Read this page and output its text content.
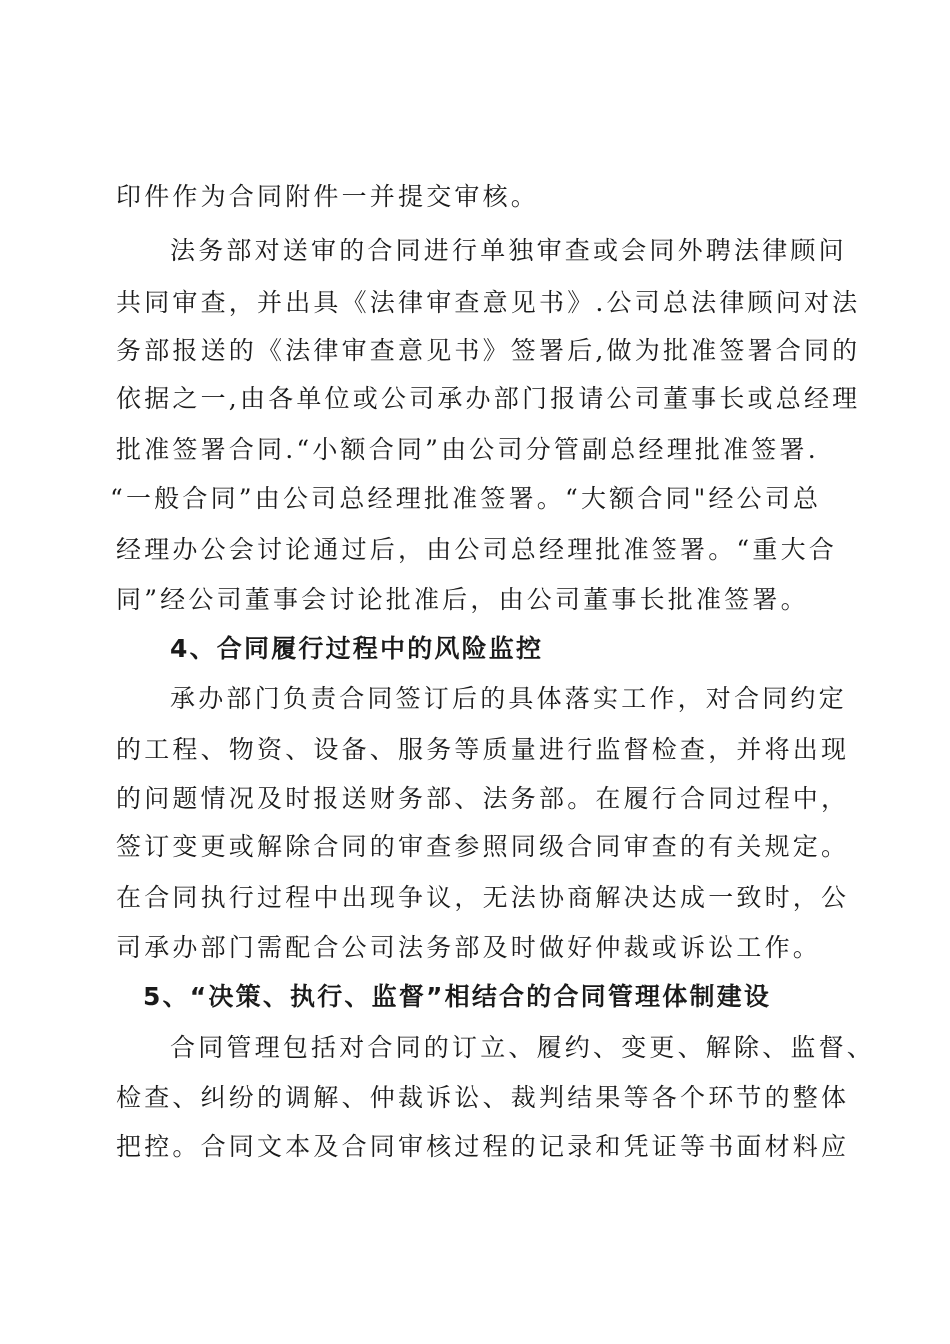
印件作为合同附件一并提交审核。
法务部对送审的合同进行单独审查或会同外聘法律顾问
共同审查，并出具《法律审查意见书》.公司总法律顾问对法
务部报送的《法律审查意见书》签署后,做为批准签署合同的
依据之一,由各单位或公司承办部门报请公司董事长或总经理
批准签署合同.“小额合同”由公司分管副总经理批准签署.
“一般合同”由公司总经理批准签署。“大额合同"经公司总
经理办公会讨论通过后，由公司总经理批准签署。“重大合
同”经公司董事会讨论批准后，由公司董事长批准签署。
4、合同履行过程中的风险监控
承办部门负责合同签订后的具体落实工作，对合同约定
的工程、物资、设备、服务等质量进行监督检查，并将出现
的问题情况及时报送财务部、法务部。在履行合同过程中，
签订变更或解除合同的审查参照同级合同审查的有关规定。
在合同执行过程中出现争议，无法协商解决达成一致时，公
司承办部门需配合公司法务部及时做好仲裁或诉讼工作。
5、“决策、执行、监督”相结合的合同管理体制建设
合同管理包括对合同的订立、履约、变更、解除、监督、
检查、纠纷的调解、仲裁诉讼、裁判结果等各个环节的整体
把控。合同文本及合同审核过程的记录和凭证等书面材料应
